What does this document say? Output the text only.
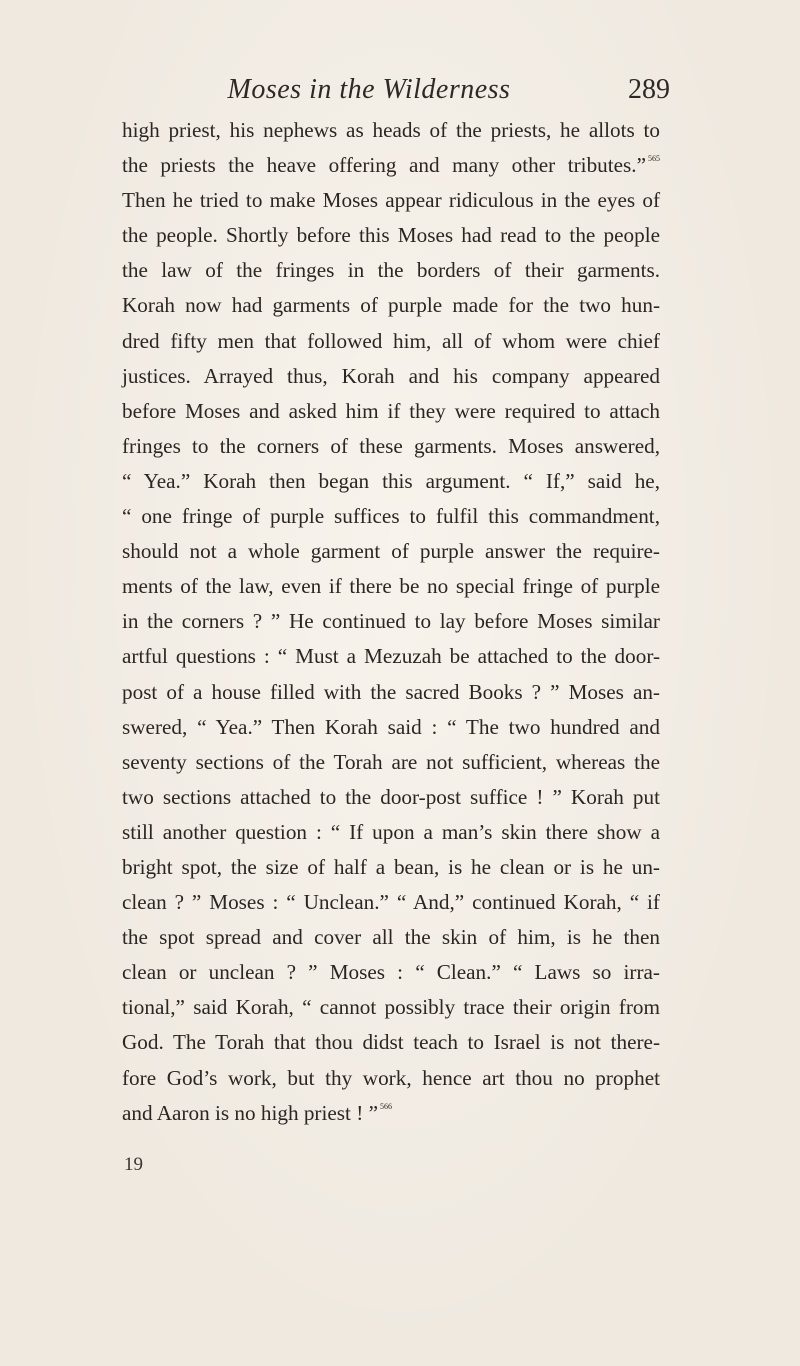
Moses in the Wilderness	289
high priest, his nephews as heads of the priests, he allots to
the priests the heave offering and many other tributes.” $^{565}$
Then he tried to make Moses appear ridiculous in the eyes of
the people. Shortly before this Moses had read to the people
the law of the fringes in the borders of their garments.
Korah now had garments of purple made for the two hun-
dred fifty men that followed him, all of whom were chief
justices. Arrayed thus, Korah and his company appeared
before Moses and asked him if they were required to attach
fringes to the corners of these garments. Moses answered,
“ Yea.” Korah then began this argument. “ If,” said he,
“ one fringe of purple suffices to fulfil this commandment,
should not a whole garment of purple answer the require-
ments of the law, even if there be no special fringe of purple
in the corners ? ” He continued to lay before Moses similar
artful questions : “ Must a Mezuzah be attached to the door-
post of a house filled with the sacred Books ? ” Moses an-
swered, “ Yea.” Then Korah said : “ The two hundred and
seventy sections of the Torah are not sufficient, whereas the
two sections attached to the door-post suffice ! ” Korah put
still another question : “ If upon a man’s skin there show a
bright spot, the size of half a bean, is he clean or is he un-
clean ? ” Moses : “ Unclean.” “ And,” continued Korah, “ if
the spot spread and cover all the skin of him, is he then
clean or unclean ? ” Moses : “ Clean.” “ Laws so irra-
tional,” said Korah, “ cannot possibly trace their origin from
God. The Torah that thou didst teach to Israel is not there-
fore God’s work, but thy work, hence art thou no prophet
and Aaron is no high priest ! ” $^{566}$
19
